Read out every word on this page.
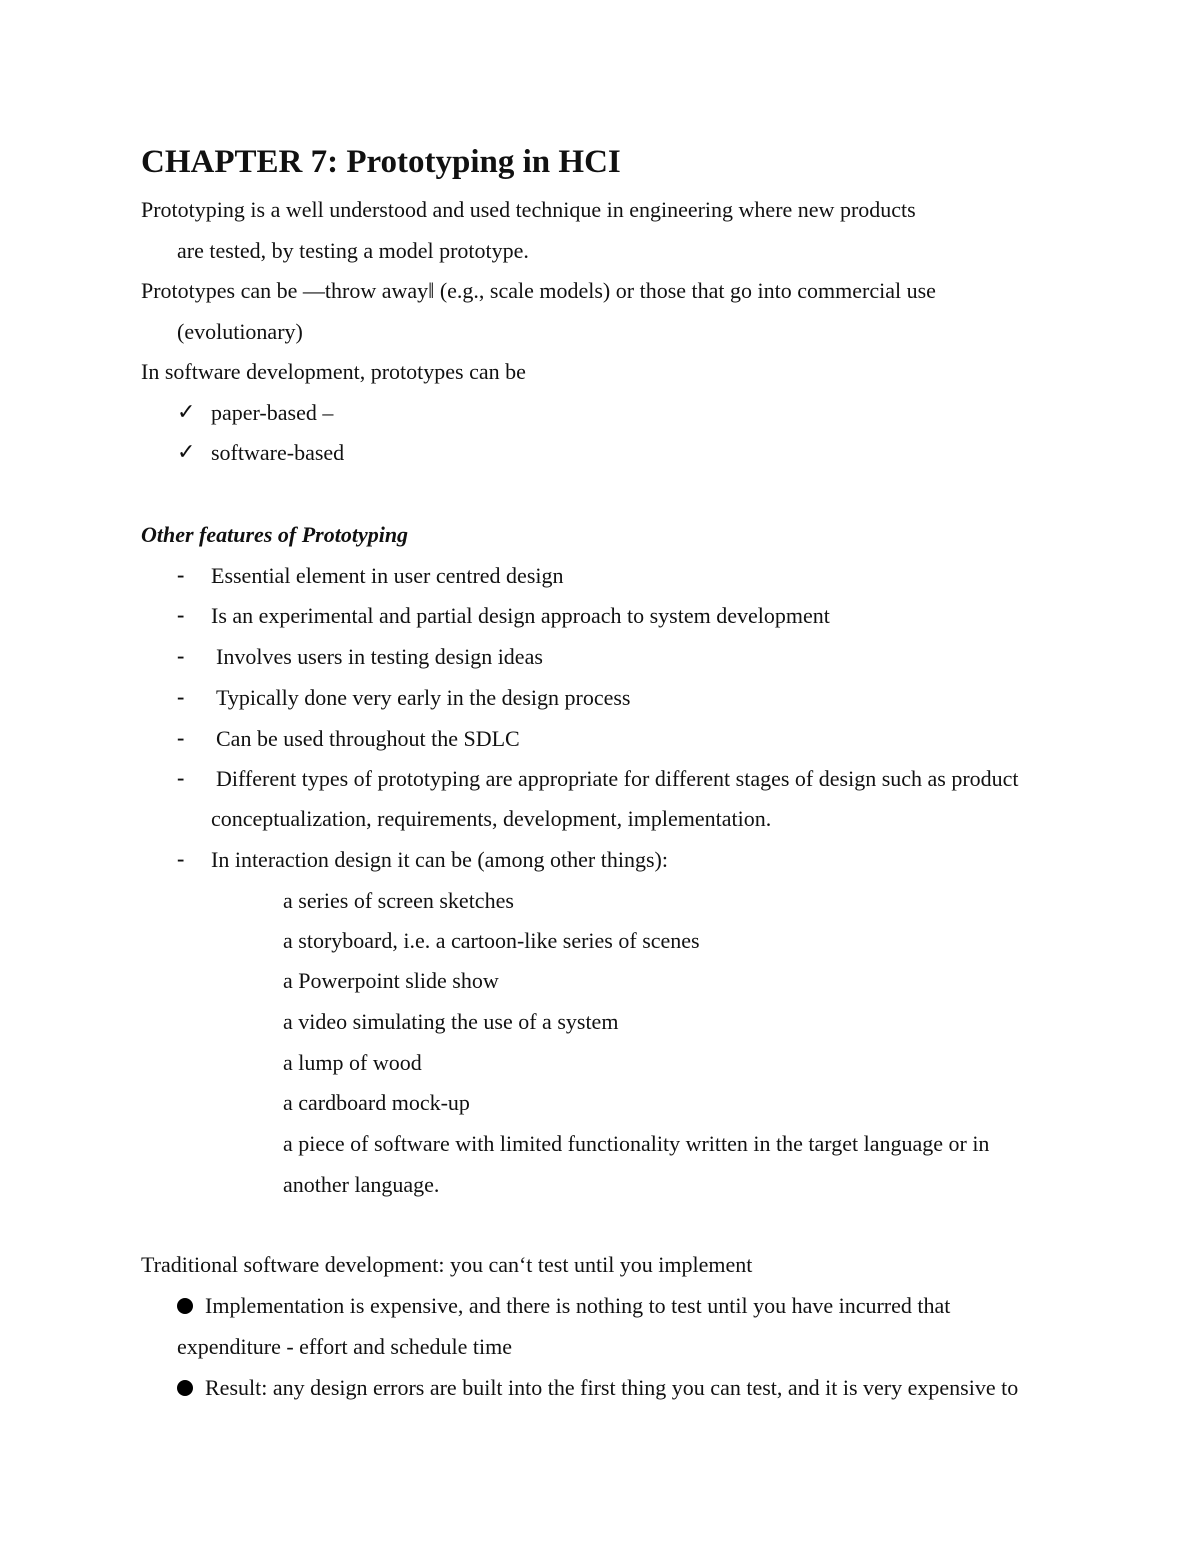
CHAPTER 7: Prototyping in HCI
Prototyping is a well understood and used technique in engineering where new products
are tested, by testing a model prototype.
Prototypes can be —throw away‖ (e.g., scale models) or those that go into commercial use
(evolutionary)
In software development, prototypes can be
✓ paper-based –
✓ software-based
Other features of Prototyping
- Essential element in user centred design
- Is an experimental and partial design approach to system development
- Involves users in testing design ideas
- Typically done very early in the design process
- Can be used throughout the SDLC
- Different types of prototyping are appropriate for different stages of design such as product
conceptualization, requirements, development, implementation.
- In interaction design it can be (among other things):
a series of screen sketches
a storyboard, i.e. a cartoon-like series of scenes
a Powerpoint slide show
a video simulating the use of a system
a lump of wood
a cardboard mock-up
a piece of software with limited functionality written in the target language or in
another language.
Traditional software development: you can‘t test until you implement
Implementation is expensive, and there is nothing to test until you have incurred that
expenditure - effort and schedule time
Result: any design errors are built into the first thing you can test, and it is very expensive to
